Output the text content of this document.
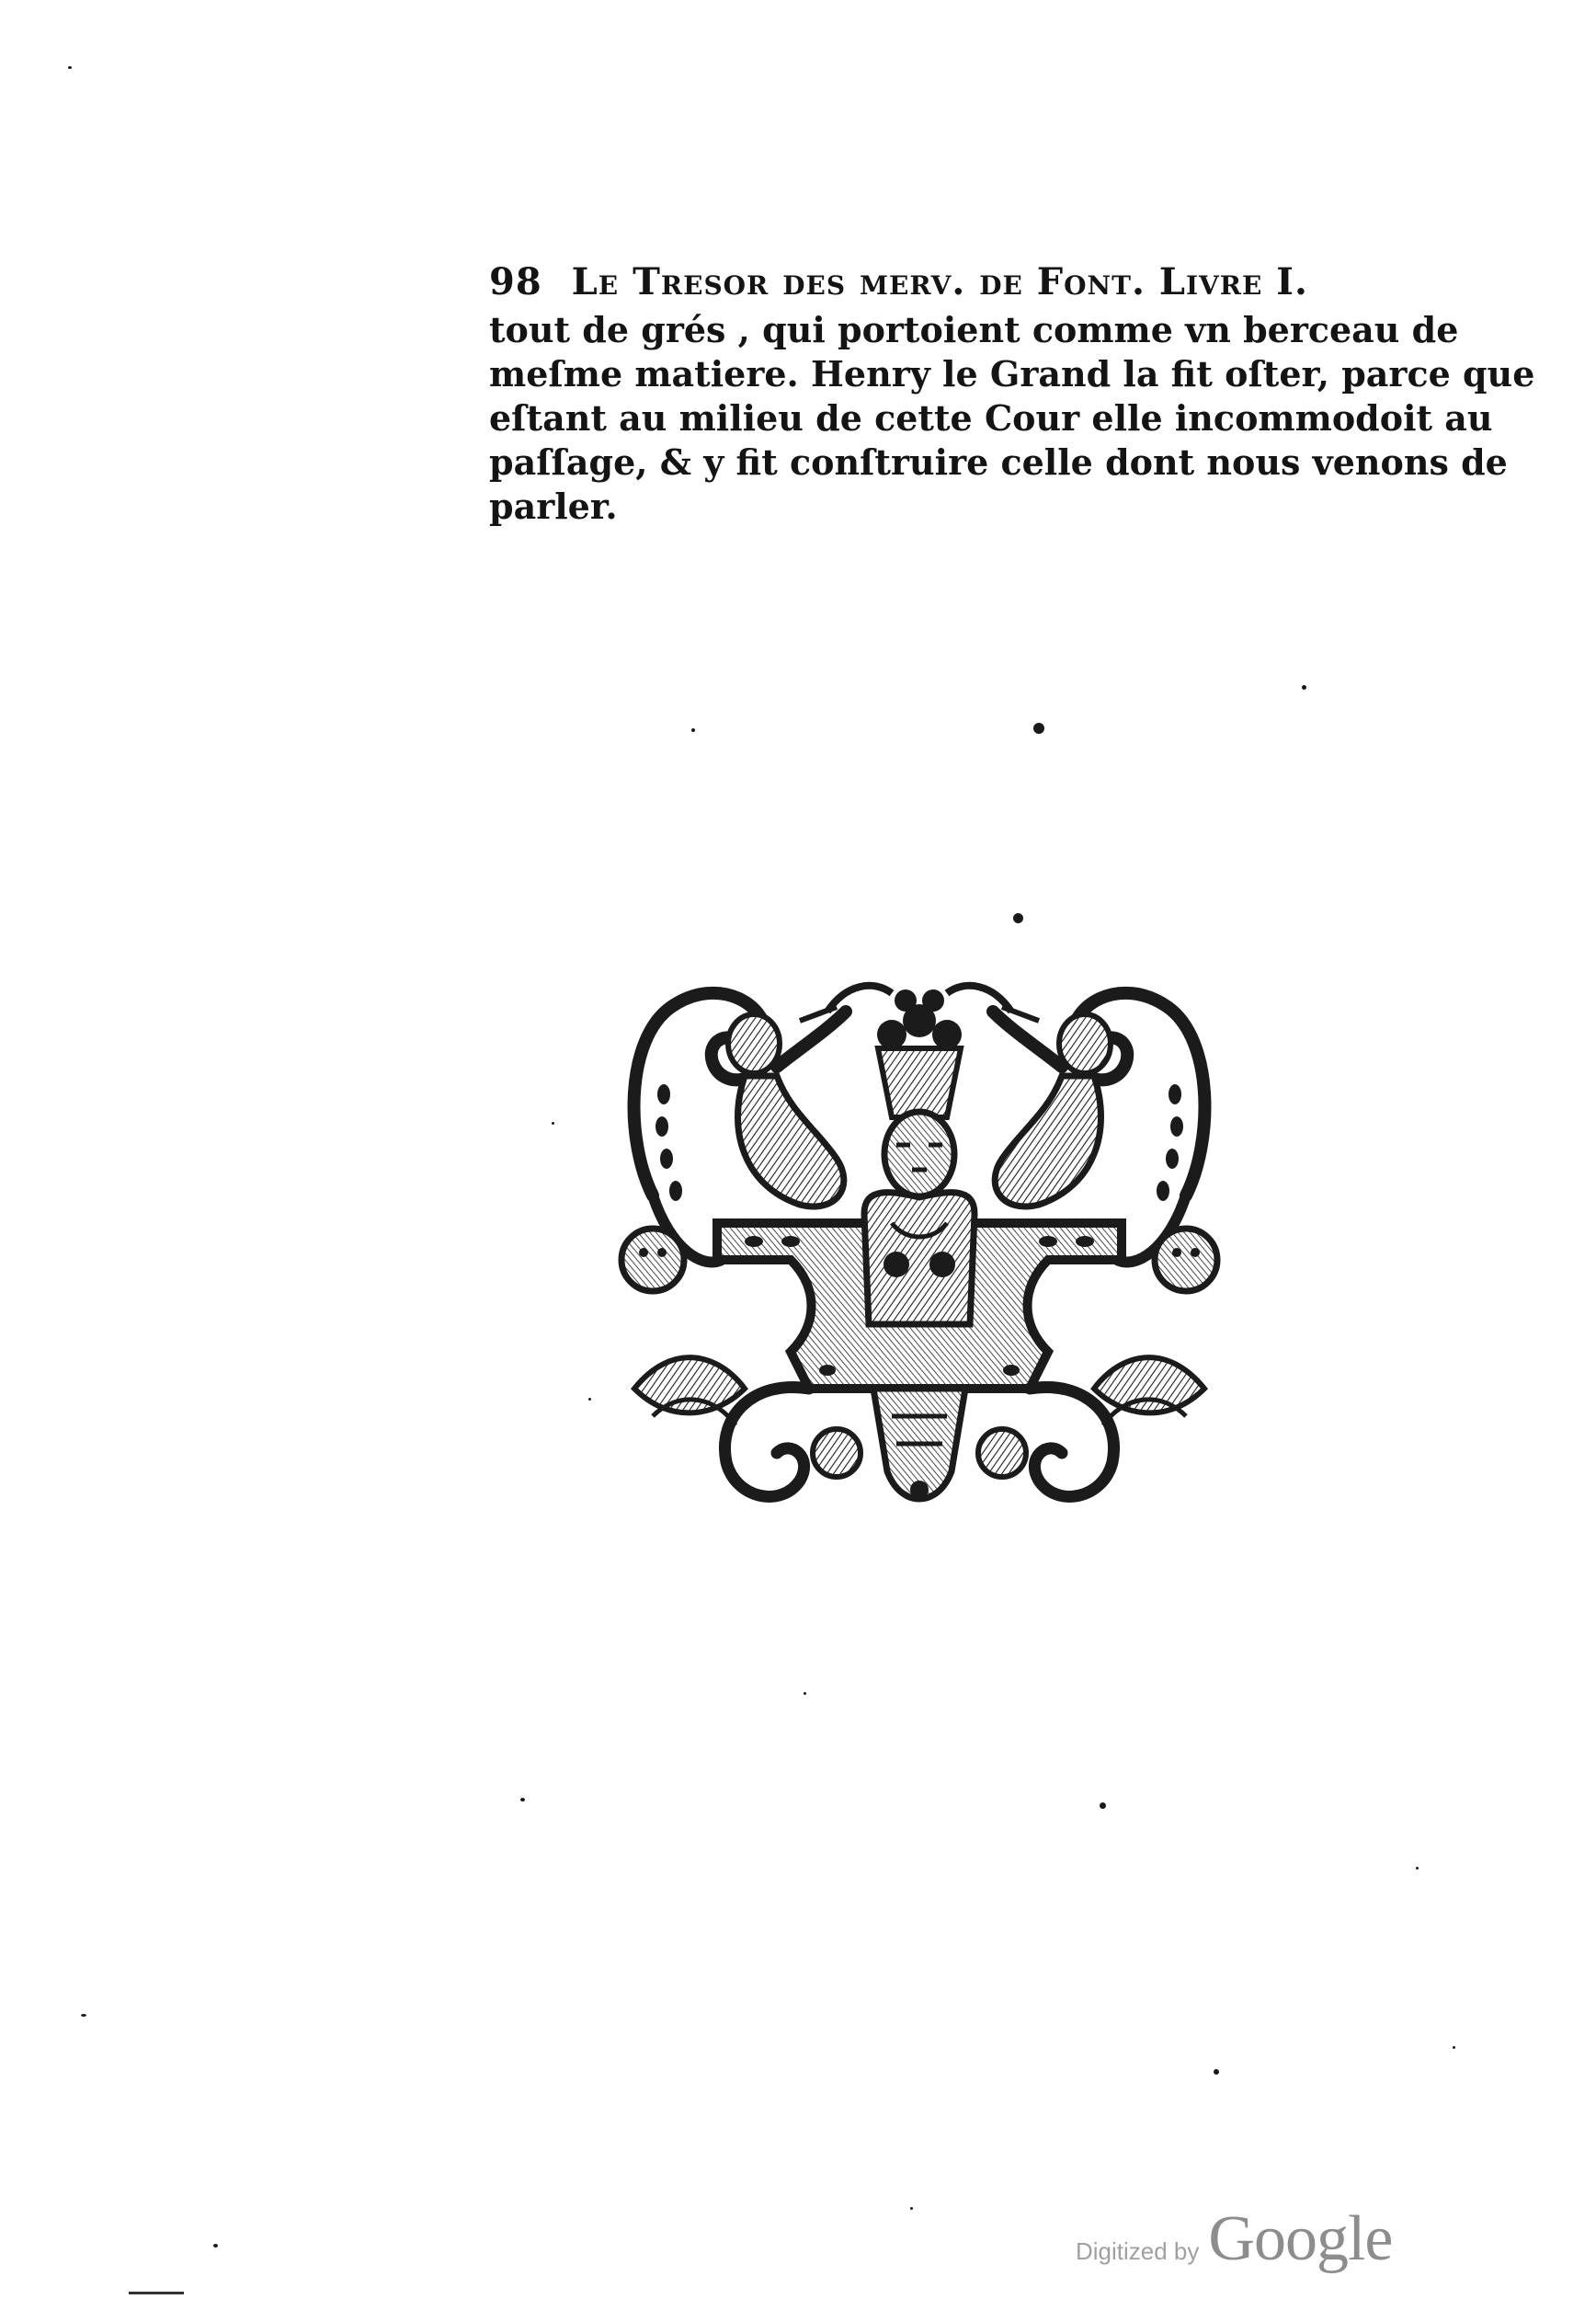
98 Le Tresor des merv. de Font. Livre I.
tout de grés , qui portoient comme vn berceau de
meſme matiere. Henry le Grand la fit oſter, parce que
eſtant au milieu de cette Cour elle incommodoit au
paſſage, & y fit conſtruire celle dont nous venons de
parler.
Digitized by Google
